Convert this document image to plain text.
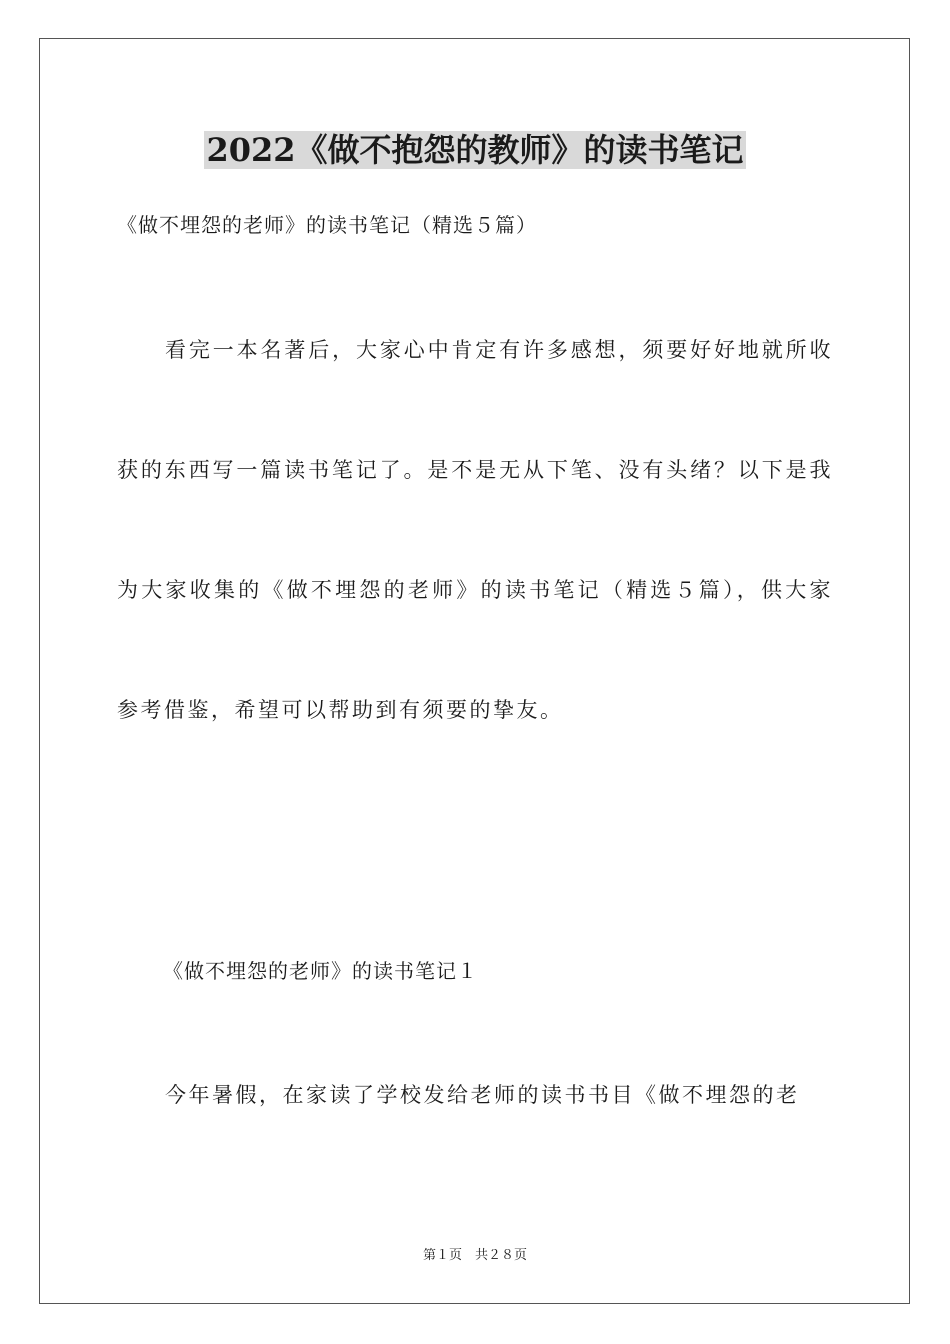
2022《做不抱怨的教师》的读书笔记
《做不埋怨的老师》的读书笔记（精选５篇）
看完一本名著后，大家心中肯定有许多感想，须要好好地就所收获的东西写一篇读书笔记了。是不是无从下笔、没有头绪？以下是我为大家收集的《做不埋怨的老师》的读书笔记（精选５篇），供大家参考借鉴，希望可以帮助到有须要的挚友。
《做不埋怨的老师》的读书笔记１
今年暑假，在家读了学校发给老师的读书书目《做不埋怨的老
第１页　共２８页
